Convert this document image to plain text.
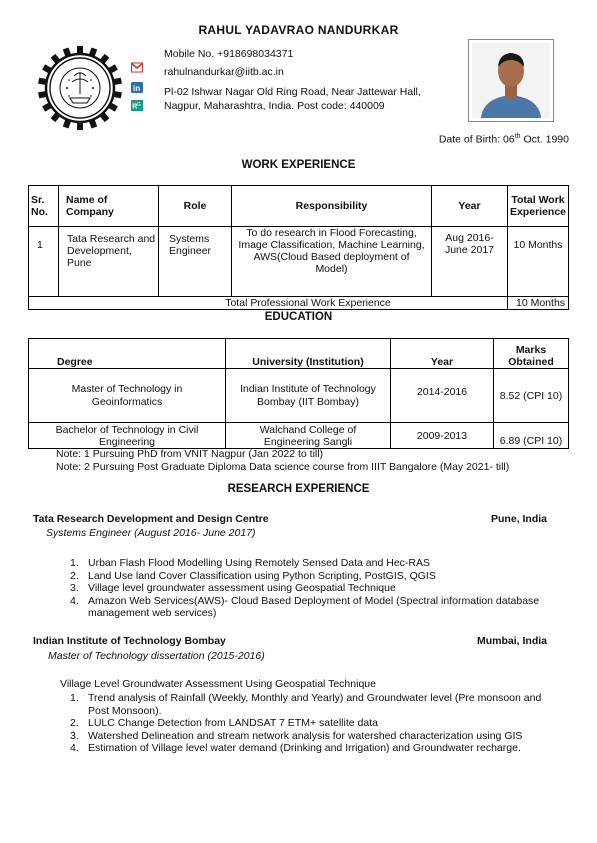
RAHUL YADAVRAO NANDURKAR
in
R G
Mobile No. +918698034371
rahulnandurkar@iitb.ac.in
Pl-02 Ishwar Nagar Old Ring Road, Near Jattewar Hall,
Nagpur, Maharashtra, India. Post code: 440009
Date of Birth: 06th Oct. 1990
WORK EXPERIENCE
Sr. No.	Name of Company	Role	Responsibility	Year	Total Work Experience
1	Tata Research and Development, Pune	Systems Engineer	To do research in Flood Forecasting, Image Classification, Machine Learning, AWS(Cloud Based deployment of Model)	Aug 2016-June 2017	10 Months
Total Professional Work Experience					10 Months
EDUCATION
Degree	University (Institution)	Year	Marks Obtained
Master of Technology in Geoinformatics	Indian Institute of Technology Bombay (IIT Bombay)	2014-2016	8.52 (CPI 10)
Bachelor of Technology in Civil Engineering	Walchand College of Engineering Sangli	2009-2013	6.89 (CPI 10)
Note: 1 Pursuing PhD from VNIT Nagpur (Jan 2022 to till)
Note: 2 Pursuing Post Graduate Diploma Data science course from IIIT Bangalore (May 2021- till)
RESEARCH EXPERIENCE
Tata Research Development and Design Centre	Pune, India
Systems Engineer (August 2016- June 2017)
1. Urban Flash Flood Modelling Using Remotely Sensed Data and Hec-RAS
2. Land Use land Cover Classification using Python Scripting, PostGIS, QGIS
3. Village level groundwater assessment using Geospatial Technique
4. Amazon Web Services(AWS)- Cloud Based Deployment of Model (Spectral information database management web services)
Indian Institute of Technology Bombay	Mumbai, India
Master of Technology dissertation (2015-2016)
Village Level Groundwater Assessment Using Geospatial Technique
1. Trend analysis of Rainfall (Weekly, Monthly and Yearly) and Groundwater level (Pre monsoon and Post Monsoon).
2. LULC Change Detection from LANDSAT 7 ETM+ satellite data
3. Watershed Delineation and stream network analysis for watershed characterization using GIS
4. Estimation of Village level water demand (Drinking and Irrigation) and Groundwater recharge.
